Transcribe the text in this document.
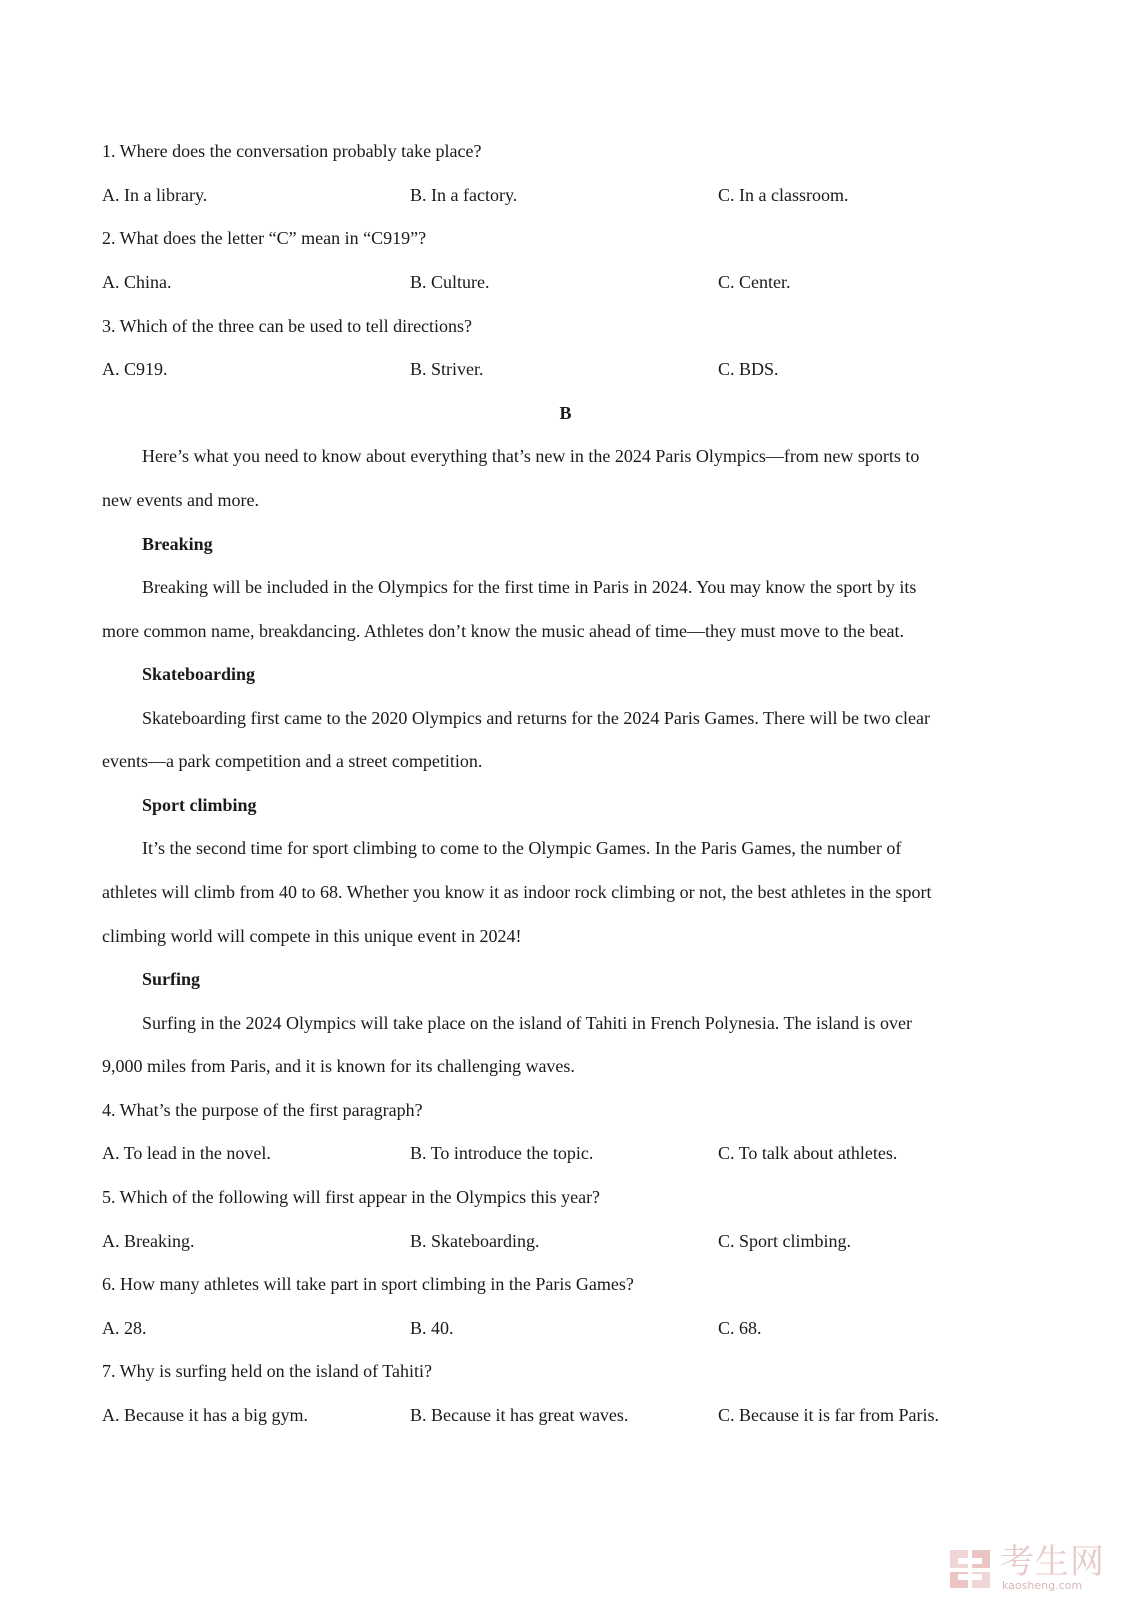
1. Where does the conversation probably take place?
A. In a library.	B. In a factory.	C. In a classroom.
2. What does the letter “C” mean in “C919”?
A. China.	B. Culture.	C. Center.
3. Which of the three can be used to tell directions?
A. C919.	B. Striver.	C. BDS.
B
Here’s what you need to know about everything that’s new in the 2024 Paris Olympics—from new sports to
new events and more.
Breaking
Breaking will be included in the Olympics for the first time in Paris in 2024. You may know the sport by its
more common name, breakdancing. Athletes don’t know the music ahead of time—they must move to the beat.
Skateboarding
Skateboarding first came to the 2020 Olympics and returns for the 2024 Paris Games. There will be two clear
events—a park competition and a street competition.
Sport climbing
It’s the second time for sport climbing to come to the Olympic Games. In the Paris Games, the number of
athletes will climb from 40 to 68. Whether you know it as indoor rock climbing or not, the best athletes in the sport
climbing world will compete in this unique event in 2024!
Surfing
Surfing in the 2024 Olympics will take place on the island of Tahiti in French Polynesia. The island is over
9,000 miles from Paris, and it is known for its challenging waves.
4. What’s the purpose of the first paragraph?
A. To lead in the novel.	B. To introduce the topic.	C. To talk about athletes.
5. Which of the following will first appear in the Olympics this year?
A. Breaking.	B. Skateboarding.	C. Sport climbing.
6. How many athletes will take part in sport climbing in the Paris Games?
A. 28.	B. 40.	C. 68.
7. Why is surfing held on the island of Tahiti?
A. Because it has a big gym.	B. Because it has great waves.	C. Because it is far from Paris.
考生网
kaosheng.com
